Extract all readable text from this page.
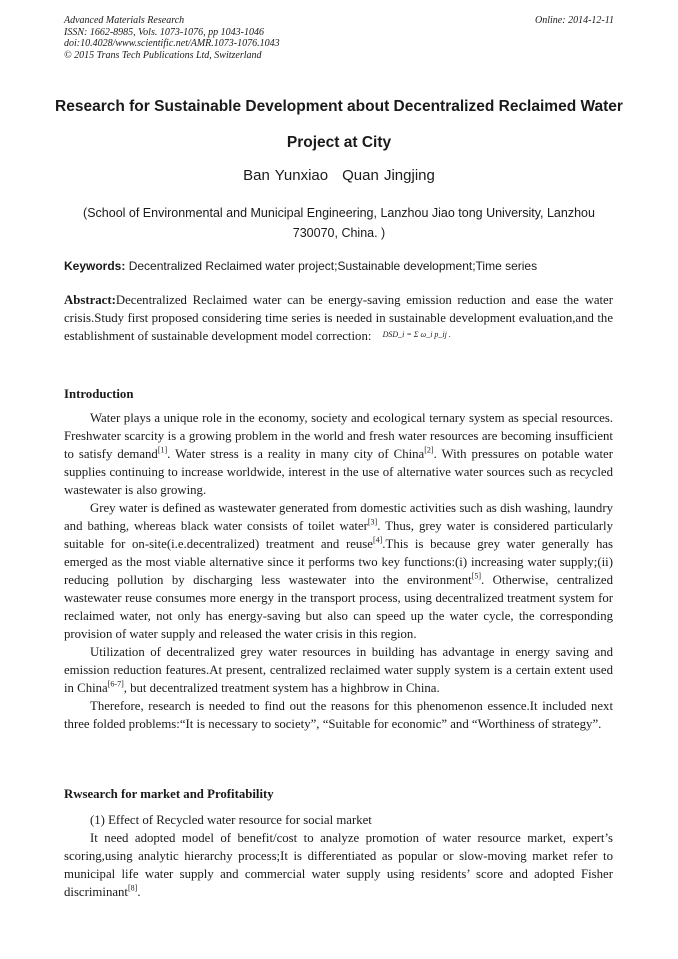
Advanced Materials Research
ISSN: 1662-8985, Vols. 1073-1076, pp 1043-1046
doi:10.4028/www.scientific.net/AMR.1073-1076.1043
© 2015 Trans Tech Publications Ltd, Switzerland
Online: 2014-12-11
Research for Sustainable Development about Decentralized Reclaimed Water Project at City
Ban Yunxiao Quan Jingjing
(School of Environmental and Municipal Engineering, Lanzhou Jiao tong University, Lanzhou 730070, China. )
Keywords: Decentralized Reclaimed water project;Sustainable development;Time series
Abstract:Decentralized Reclaimed water can be energy-saving emission reduction and ease the water crisis.Study first proposed considering time series is needed in sustainable development evaluation,and the establishment of sustainable development model correction: DSD_i = Σ ω_i p_ij .
Introduction

Water plays a unique role in the economy, society and ecological ternary system as special resources. Freshwater scarcity is a growing problem in the world and fresh water resources are becoming insufficient to satisfy demand[1]. Water stress is a reality in many city of China[2]. With pressures on potable water supplies continuing to increase worldwide, interest in the use of alternative water sources such as recycled wastewater is also growing.

Grey water is defined as wastewater generated from domestic activities such as dish washing, laundry and bathing, whereas black water consists of toilet water[3]. Thus, grey water is considered particularly suitable for on-site(i.e.decentralized) treatment and reuse[4].This is because grey water generally has emerged as the most viable alternative since it performs two key functions:(i) increasing water supply;(ii) reducing pollution by discharging less wastewater into the environment[5]. Otherwise, centralized wastewater reuse consumes more energy in the transport process, using decentralized treatment system for reclaimed water, not only has energy-saving but also can speed up the water cycle, the corresponding provision of water supply and released the water crisis in this region.

Utilization of decentralized grey water resources in building has advantage in energy saving and emission reduction features.At present, centralized reclaimed water supply system is a certain extent used in China[6-7], but decentralized treatment system has a highbrow in China.

Therefore, research is needed to find out the reasons for this phenomenon essence.It included next three folded problems:“It is necessary to society”, “Suitable for economic” and “Worthiness of strategy”.

Rwsearch for market and Profitability

(1) Effect of Recycled water resource for social market

It need adopted model of benefit/cost to analyze promotion of water resource market, expert’s scoring,using analytic hierarchy process;It is differentiated as popular or slow-moving market refer to municipal life water supply and commercial water supply using residents’ score and adopted Fisher discriminant[8].
